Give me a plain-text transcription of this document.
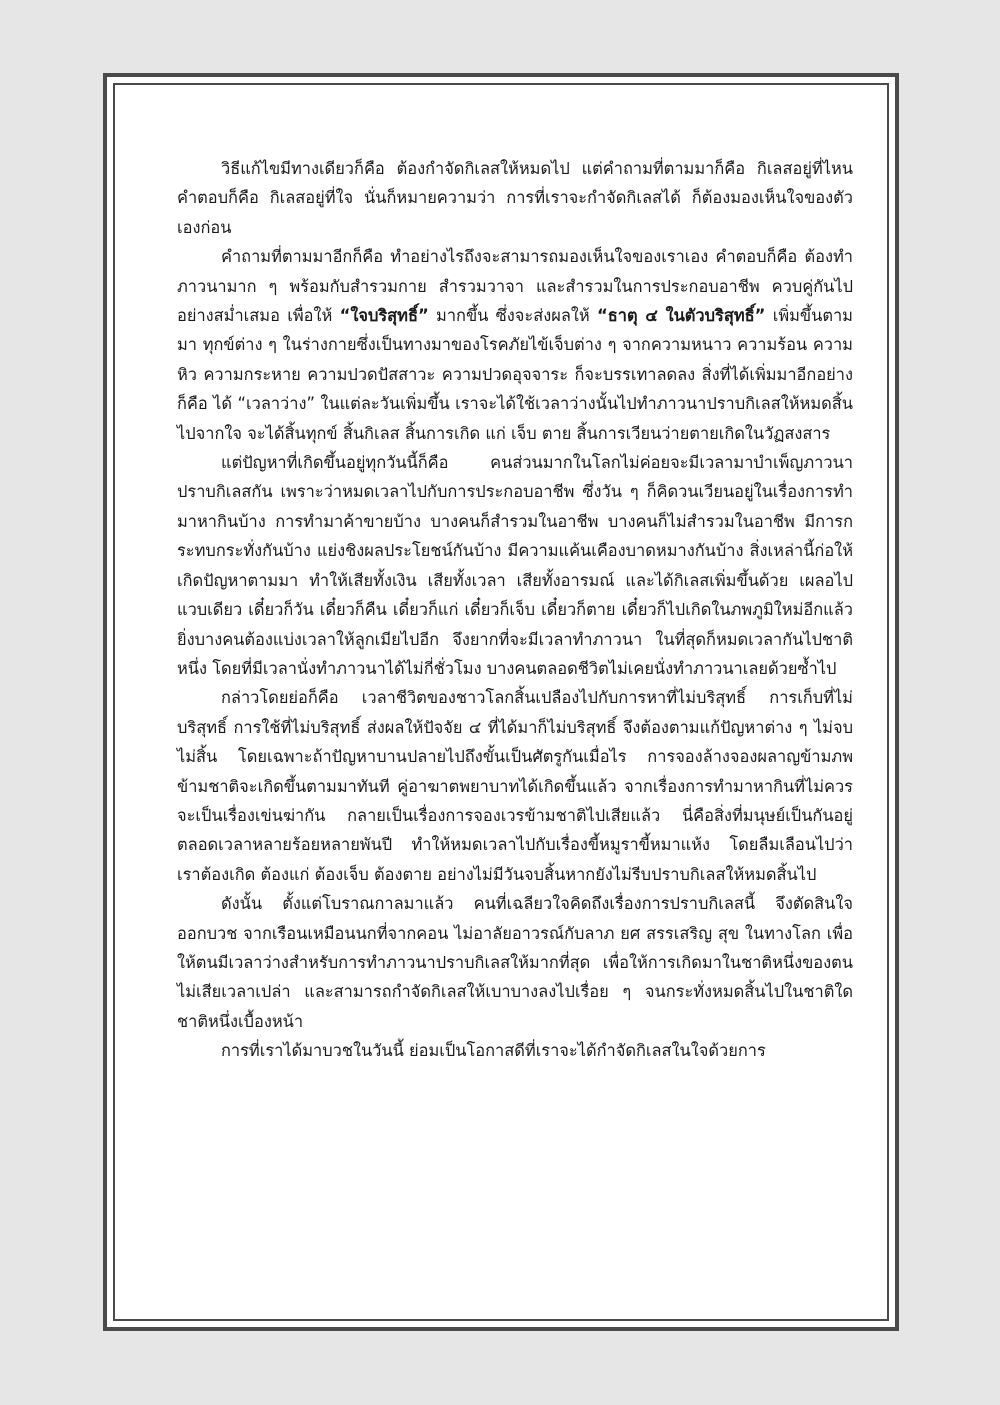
วิธีแก้ไขมีทางเดียวก็คือ ต้องกำจัดกิเลสให้หมดไป แต่คำถามที่ตามมาก็คือ กิเลสอยู่ที่ไหน คำตอบก็คือ กิเลสอยู่ที่ใจ นั่นก็หมายความว่า การที่เราจะกำจัดกิเลสได้ ก็ต้องมองเห็นใจของตัวเองก่อน

คำถามที่ตามมาอีกก็คือ ทำอย่างไรถึงจะสามารถมองเห็นใจของเราเอง คำตอบก็คือ ต้องทำภาวนามาก ๆ พร้อมกับสำรวมกาย สำรวมวาจา และสำรวมในการประกอบอาชีพ ควบคู่กันไปอย่างสม่ำเสมอ เพื่อให้ “ใจบริสุทธิ์” มากขึ้น ซึ่งจะส่งผลให้ “ธาตุ ๔ ในตัวบริสุทธิ์” เพิ่มขึ้นตามมา ทุกข์ต่าง ๆ ในร่างกายซึ่งเป็นทางมาของโรคภัยไข้เจ็บต่าง ๆ จากความหนาว ความร้อน ความหิว ความกระหาย ความปวดปัสสาวะ ความปวดอุจจาระ ก็จะบรรเทาลดลง สิ่งที่ได้เพิ่มมาอีกอย่างก็คือ ได้ “เวลาว่าง” ในแต่ละวันเพิ่มขึ้น เราจะได้ใช้เวลาว่างนั้นไปทำภาวนาปราบกิเลสให้หมดสิ้นไปจากใจ จะได้สิ้นทุกข์ สิ้นกิเลส สิ้นการเกิด แก่ เจ็บ ตาย สิ้นการเวียนว่ายตายเกิดในวัฏสงสาร

แต่ปัญหาที่เกิดขึ้นอยู่ทุกวันนี้ก็คือ คนส่วนมากในโลกไม่ค่อยจะมีเวลามาบำเพ็ญภาวนาปราบกิเลสกัน เพราะว่าหมดเวลาไปกับการประกอบอาชีพ ซึ่งวัน ๆ ก็คิดวนเวียนอยู่ในเรื่องการทำมาหากินบ้าง การทำมาค้าขายบ้าง บางคนก็สำรวมในอาชีพ บางคนก็ไม่สำรวมในอาชีพ มีการกระทบกระทั่งกันบ้าง แย่งชิงผลประโยชน์กันบ้าง มีความแค้นเคืองบาดหมางกันบ้าง สิ่งเหล่านี้ก่อให้เกิดปัญหาตามมา ทำให้เสียทั้งเงิน เสียทั้งเวลา เสียทั้งอารมณ์ และได้กิเลสเพิ่มขึ้นด้วย เผลอไปแวบเดียว เดี๋ยวก็วัน เดี๋ยวก็คืน เดี๋ยวก็แก่ เดี๋ยวก็เจ็บ เดี๋ยวก็ตาย เดี๋ยวก็ไปเกิดในภพภูมิใหม่อีกแล้ว ยิ่งบางคนต้องแบ่งเวลาให้ลูกเมียไปอีก จึงยากที่จะมีเวลาทำภาวนา ในที่สุดก็หมดเวลากันไปชาติหนึ่ง โดยที่มีเวลานั่งทำภาวนาได้ไม่กี่ชั่วโมง บางคนตลอดชีวิตไม่เคยนั่งทำภาวนาเลยด้วยซ้ำไป

กล่าวโดยย่อก็คือ เวลาชีวิตของชาวโลกสิ้นเปลืองไปกับการหาที่ไม่บริสุทธิ์ การเก็บที่ไม่บริสุทธิ์ การใช้ที่ไม่บริสุทธิ์ ส่งผลให้ปัจจัย ๔ ที่ได้มาก็ไม่บริสุทธิ์ จึงต้องตามแก้ปัญหาต่าง ๆ ไม่จบไม่สิ้น โดยเฉพาะถ้าปัญหาบานปลายไปถึงขั้นเป็นศัตรูกันเมื่อไร การจองล้างจองผลาญข้ามภพข้ามชาติจะเกิดขึ้นตามมาทันที คู่อาฆาตพยาบาทได้เกิดขึ้นแล้ว จากเรื่องการทำมาหากินที่ไม่ควรจะเป็นเรื่องเข่นฆ่ากัน กลายเป็นเรื่องการจองเวรข้ามชาติไปเสียแล้ว นี่คือสิ่งที่มนุษย์เป็นกันอยู่ตลอดเวลาหลายร้อยหลายพันปี ทำให้หมดเวลาไปกับเรื่องขี้หมูราขี้หมาแห้ง โดยลืมเลือนไปว่า เราต้องเกิด ต้องแก่ ต้องเจ็บ ต้องตาย อย่างไม่มีวันจบสิ้นหากยังไม่รีบปราบกิเลสให้หมดสิ้นไป

ดังนั้น ตั้งแต่โบราณกาลมาแล้ว คนที่เฉลียวใจคิดถึงเรื่องการปราบกิเลสนี้ จึงตัดสินใจออกบวช จากเรือนเหมือนนกที่จากคอน ไม่อาลัยอาวรณ์กับลาภ ยศ สรรเสริญ สุข ในทางโลก เพื่อให้ตนมีเวลาว่างสำหรับการทำภาวนาปราบกิเลสให้มากที่สุด เพื่อให้การเกิดมาในชาติหนึ่งของตนไม่เสียเวลาเปล่า และสามารถกำจัดกิเลสให้เบาบางลงไปเรื่อย ๆ จนกระทั่งหมดสิ้นไปในชาติใดชาติหนึ่งเบื้องหน้า

การที่เราได้มาบวชในวันนี้ ย่อมเป็นโอกาสดีที่เราจะได้กำจัดกิเลสในใจด้วยการ
